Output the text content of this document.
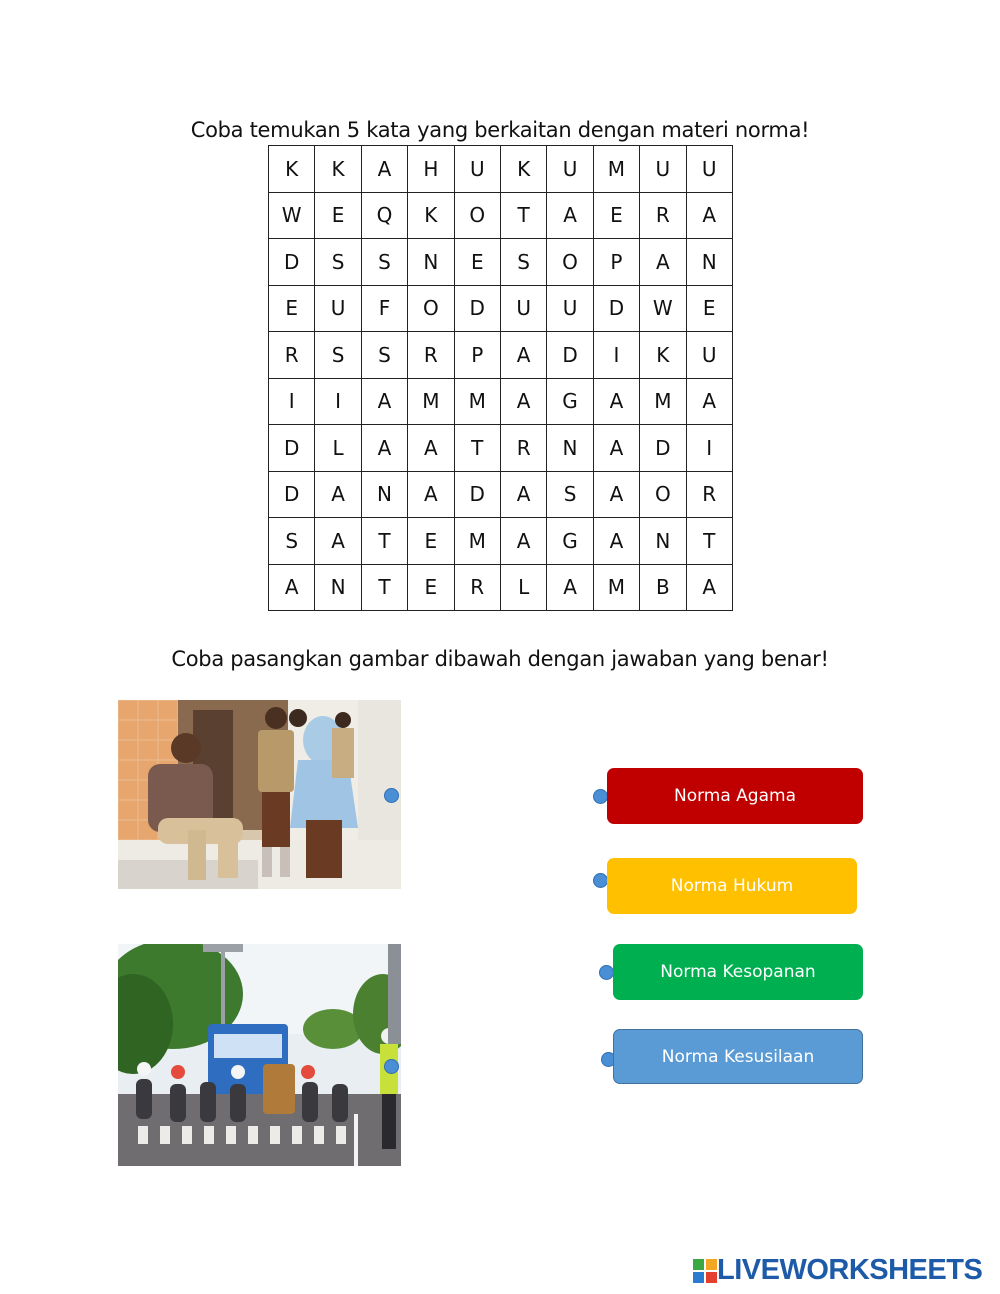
Coba temukan 5 kata yang berkaitan dengan materi norma!
K	K	A	H	U	K	U	M	U	U
W	E	Q	K	O	T	A	E	R	A
D	S	S	N	E	S	O	P	A	N
E	U	F	O	D	U	U	D	W	E
R	S	S	R	P	A	D	I	K	U
I	I	A	M	M	A	G	A	M	A
D	L	A	A	T	R	N	A	D	I
D	A	N	A	D	A	S	A	O	R
S	A	T	E	M	A	G	A	N	T
A	N	T	E	R	L	A	M	B	A
Coba pasangkan gambar dibawah dengan jawaban yang benar!
Norma Agama
Norma Hukum
Norma Kesopanan
Norma Kesusilaan
LIVEWORKSHEETS
